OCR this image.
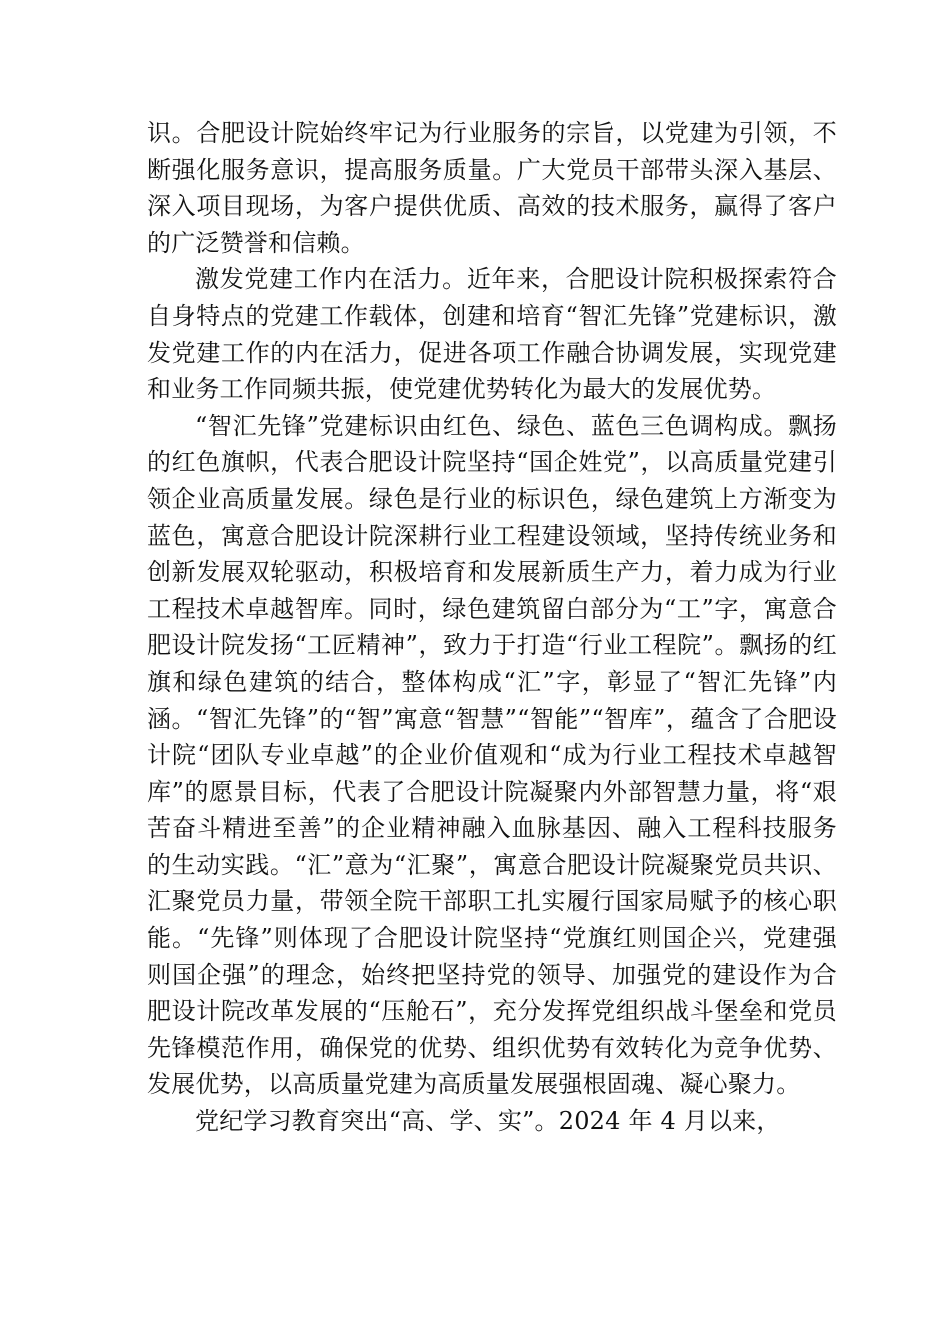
识。合肥设计院始终牢记为行业服务的宗旨，以党建为引领，不断强化服务意识，提高服务质量。广大党员干部带头深入基层、深入项目现场，为客户提供优质、高效的技术服务，赢得了客户的广泛赞誉和信赖。

激发党建工作内在活力。近年来，合肥设计院积极探索符合自身特点的党建工作载体，创建和培育“智汇先锋”党建标识，激发党建工作的内在活力，促进各项工作融合协调发展，实现党建和业务工作同频共振，使党建优势转化为最大的发展优势。

“智汇先锋”党建标识由红色、绿色、蓝色三色调构成。飘扬的红色旗帜，代表合肥设计院坚持“国企姓党”，以高质量党建引领企业高质量发展。绿色是行业的标识色，绿色建筑上方渐变为蓝色，寓意合肥设计院深耕行业工程建设领域，坚持传统业务和创新发展双轮驱动，积极培育和发展新质生产力，着力成为行业工程技术卓越智库。同时，绿色建筑留白部分为“工”字，寓意合肥设计院发扬“工匠精神”，致力于打造“行业工程院”。飘扬的红旗和绿色建筑的结合，整体构成“汇”字，彰显了“智汇先锋”内涵。“智汇先锋”的“智”寓意“智慧”“智能”“智库”，蕴含了合肥设计院“团队专业卓越”的企业价值观和“成为行业工程技术卓越智库”的愿景目标，代表了合肥设计院凝聚内外部智慧力量，将“艰苦奋斗精进至善”的企业精神融入血脉基因、融入工程科技服务的生动实践。“汇”意为“汇聚”，寓意合肥设计院凝聚党员共识、汇聚党员力量，带领全院干部职工扎实履行国家局赋予的核心职能。“先锋”则体现了合肥设计院坚持“党旗红则国企兴，党建强则国企强”的理念，始终把坚持党的领导、加强党的建设作为合肥设计院改革发展的“压舱石”，充分发挥党组织战斗堡垒和党员先锋模范作用，确保党的优势、组织优势有效转化为竞争优势、发展优势，以高质量党建为高质量发展强根固魂、凝心聚力。

党纪学习教育突出“高、学、实”。2024 年 4 月以来，
